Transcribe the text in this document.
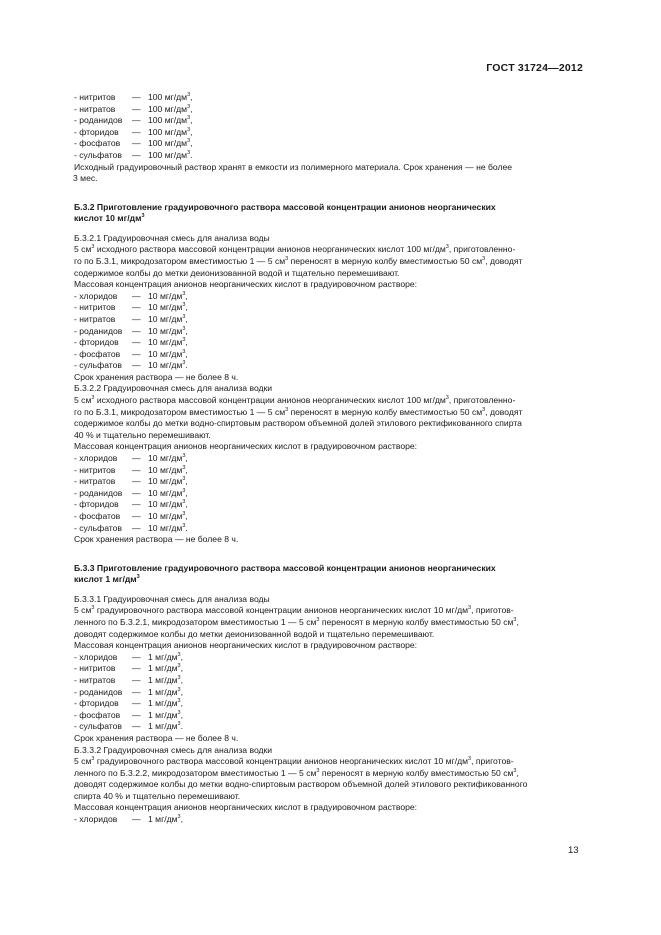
ГОСТ 31724—2012

- нитритов — 100 $мг/дм^3$,

- нитратов — 100 $мг/дм^3$,

- роданидов — 100 $мг/дм^3$,

- фторидов — 100 $мг/дм^3$,

- фосфатов — 100 $мг/дм^3$,

- сульфатов — 100 $мг/дм^3$.

Исходный градуировочный раствор хранят в емкости из полимерного материала. Срок хранения — не более

3 мес.

Б.3.2 Приготовление градуировочного раствора массовой концентрации анионов неорганических
кислот 10 $мг/дм^3$

Б.3.2.1 Градуировочная смесь для анализа воды

5 $см^3$ исходного раствора массовой концентрации анионов неорганических кислот 100 $мг/дм^3$, приготовленно-

го по Б.3.1, микродозатором вместимостью 1 — 5 $см^3$ переносят в мерную колбу вместимостью 50 $см^3$, доводят

содержимое колбы до метки деионизованной водой и тщательно перемешивают.

Массовая концентрация анионов неорганических кислот в градуировочном растворе:

- хлоридов — 10 $мг/дм^3$,

- нитритов — 10 $мг/дм^3$,

- нитратов — 10 $мг/дм^3$,

- роданидов — 10 $мг/дм^3$,

- фторидов — 10 $мг/дм^3$,

- фосфатов — 10 $мг/дм^3$,

- сульфатов — 10 $мг/дм^3$.

Срок хранения раствора — не более 8 ч.

Б.3.2.2 Градуировочная смесь для анализа водки

5 $см^3$ исходного раствора массовой концентрации анионов неорганических кислот 100 $мг/дм^3$, приготовленно-

го по Б.3.1, микродозатором вместимостью 1 — 5 $см^3$ переносят в мерную колбу вместимостью 50 $см^3$, доводят

содержимое колбы до метки водно-спиртовым раствором объемной долей этилового ректификованного спирта

40 % и тщательно перемешивают.

Массовая концентрация анионов неорганических кислот в градуировочном растворе:

- хлоридов — 10 $мг/дм^3$,

- нитритов — 10 $мг/дм^3$,

- нитратов — 10 $мг/дм^3$,

- роданидов — 10 $мг/дм^3$,

- фторидов — 10 $мг/дм^3$,

- фосфатов — 10 $мг/дм^3$,

- сульфатов — 10 $мг/дм^3$.

Срок хранения раствора — не более 8 ч.

Б.3.3 Приготовление градуировочного раствора массовой концентрации анионов неорганических
кислот 1 $мг/дм^3$

Б.3.3.1 Градуировочная смесь для анализа воды

5 $см^3$ градуировочного раствора массовой концентрации анионов неорганических кислот 10 $мг/дм^3$, приготов-

ленного по Б.3.2.1, микродозатором вместимостью 1 — 5 $см^3$ переносят в мерную колбу вместимостью 50 $см^3$,

доводят содержимое колбы до метки деионизованной водой и тщательно перемешивают.

Массовая концентрация анионов неорганических кислот в градуировочном растворе:

- хлоридов — 1 $мг/дм^3$,

- нитритов — 1 $мг/дм^3$,

- нитратов — 1 $мг/дм^3$,

- роданидов — 1 $мг/дм^3$,

- фторидов — 1 $мг/дм^3$,

- фосфатов — 1 $мг/дм^3$,

- сульфатов — 1 $мг/дм^3$.

Срок хранения раствора — не более 8 ч.

Б.3.3.2 Градуировочная смесь для анализа водки

5 $см^3$ градуировочного раствора массовой концентрации анионов неорганических кислот 10 $мг/дм^3$, приготов-

ленного по Б.3.2.2, микродозатором вместимостью 1 — 5 $см^3$ переносят в мерную колбу вместимостью 50 $см^3$,

доводят содержимое колбы до метки водно-спиртовым раствором объемной долей этилового ректификованного

спирта 40 % и тщательно перемешивают.

Массовая концентрация анионов неорганических кислот в градуировочном растворе:

- хлоридов — 1 $мг/дм^3$,

13
